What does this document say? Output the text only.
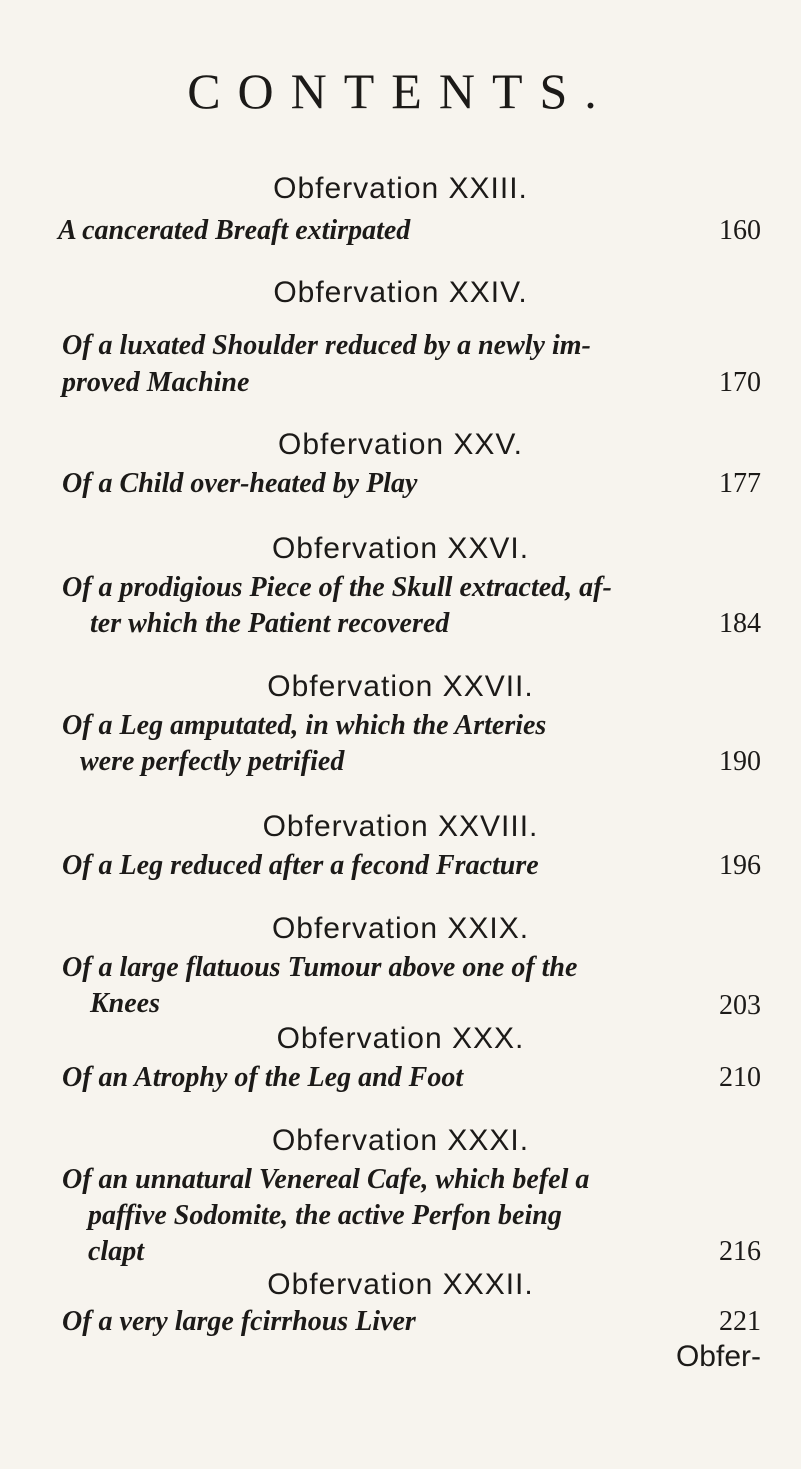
CONTENTS.
Obfervation XXIII.
A cancerated Breaft extirpated	160
Obfervation XXIV.
Of a luxated Shoulder reduced by a newly im-
proved Machine	170
Obfervation XXV.
Of a Child over-heated by Play	177
Obfervation XXVI.
Of a prodigious Piece of the Skull extracted, af-
ter which the Patient recovered	184
Obfervation XXVII.
Of a Leg amputated, in which the Arteries
were perfectly petrified	190
Obfervation XXVIII.
Of a Leg reduced after a fecond Fracture	196
Obfervation XXIX.
Of a large flatuous Tumour above one of the
Knees	203
Obfervation XXX.
Of an Atrophy of the Leg and Foot	210
Obfervation XXXI.
Of an unnatural Venereal Cafe, which befel a
paffive Sodomite, the active Perfon being
clapt	216
Obfervation XXXII.
Of a very large fcirrhous Liver	221
Obfer-
